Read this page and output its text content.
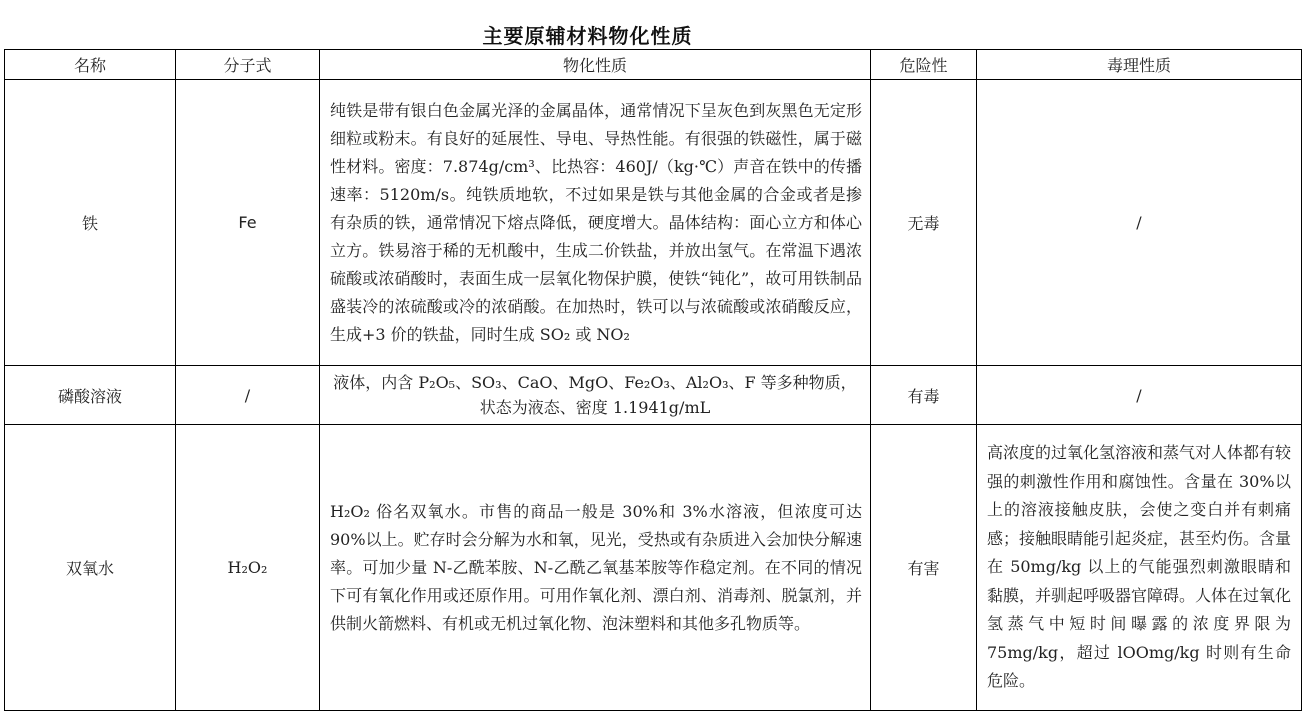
主要原辅材料物化性质
名称	分子式	物化性质	危险性	毒理性质
铁	Fe	纯铁是带有银白色金属光泽的金属晶体，通常情况下呈灰色到灰黑色无定形细粒或粉末。有良好的延展性、导电、导热性能。有很强的铁磁性，属于磁性材料。密度：7.874g/cm³、比热容：460J/（kg·℃）声音在铁中的传播速率：5120m/s。纯铁质地软，不过如果是铁与其他金属的合金或者是掺有杂质的铁，通常情况下熔点降低，硬度增大。晶体结构：面心立方和体心立方。铁易溶于稀的无机酸中，生成二价铁盐，并放出氢气。在常温下遇浓硫酸或浓硝酸时，表面生成一层氧化物保护膜，使铁“钝化”，故可用铁制品盛装冷的浓硫酸或冷的浓硝酸。在加热时，铁可以与浓硫酸或浓硝酸反应，生成+3 价的铁盐，同时生成 SO₂ 或 NO₂	无毒	/
磷酸溶液	/	液体，内含 P₂O₅、SO₃、CaO、MgO、Fe₂O₃、Al₂O₃、F 等多种物质，状态为液态、密度 1.1941g/mL	有毒	/
双氧水	H₂O₂	H₂O₂ 俗名双氧水。市售的商品一般是 30%和 3%水溶液，但浓度可达 90%以上。贮存时会分解为水和氧，见光，受热或有杂质进入会加快分解速率。可加少量 N-乙酰苯胺、N-乙酰乙氧基苯胺等作稳定剂。在不同的情况下可有氧化作用或还原作用。可用作氧化剂、漂白剂、消毒剂、脱氯剂，并供制火箭燃料、有机或无机过氧化物、泡沫塑料和其他多孔物质等。	有害	高浓度的过氧化氢溶液和蒸气对人体都有较强的刺激性作用和腐蚀性。含量在 30%以上的溶液接触皮肤，会使之变白并有刺痛感；接触眼睛能引起炎症，甚至灼伤。含量在 50mg/kg 以上的气能强烈刺激眼睛和黏膜，并驯起呼吸器官障碍。人体在过氧化氢蒸气中短时间曝露的浓度界限为 75mg/kg，超过 lOOmg/kg 时则有生命危险。
